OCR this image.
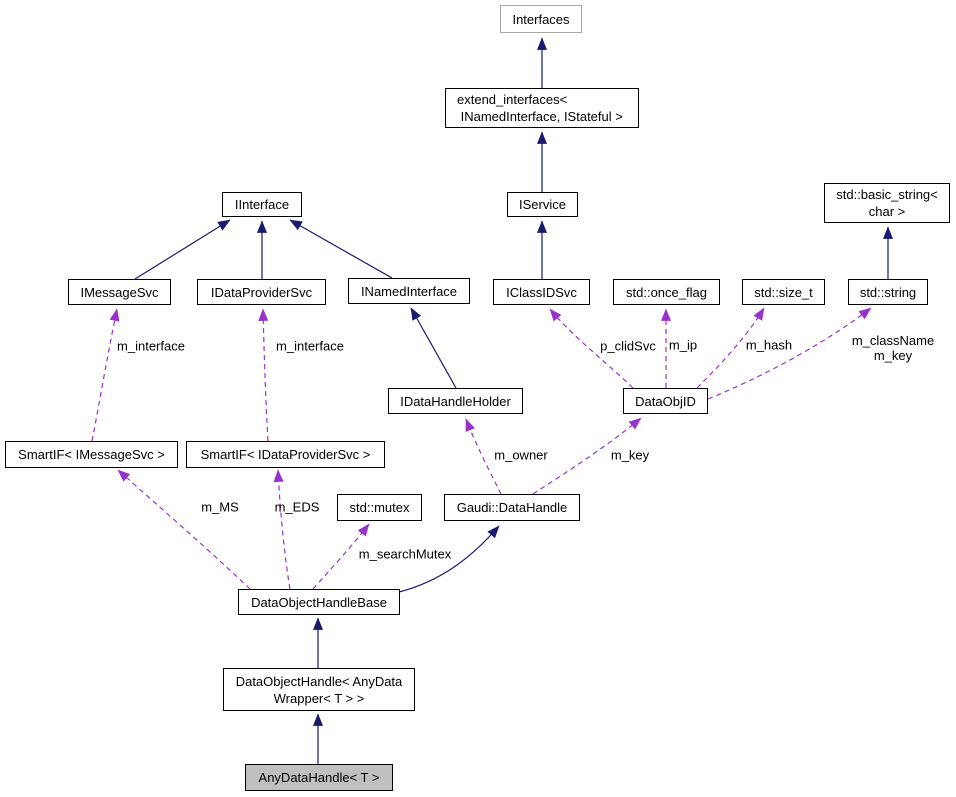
Interfaces
extend_interfaces<
INamedInterface, IStateful >
IService
IInterface
IMessageSvc	IDataProviderSvc	INamedInterface	IClassIDSvc	std::once_flag	std::size_t	std::string
std::basic_string<
char >
IDataHandleHolder	DataObjID
SmartIF< IMessageSvc >	SmartIF< IDataProviderSvc >
std::mutex	Gaudi::DataHandle
DataObjectHandleBase
DataObjectHandle< AnyData
Wrapper< T > >
AnyDataHandle< T >
m_interface	m_interface	p_clidSvc m_ip	m_hash	m_className
m_key
m_owner	m_key
m_MS	m_EDS
m_searchMutex
